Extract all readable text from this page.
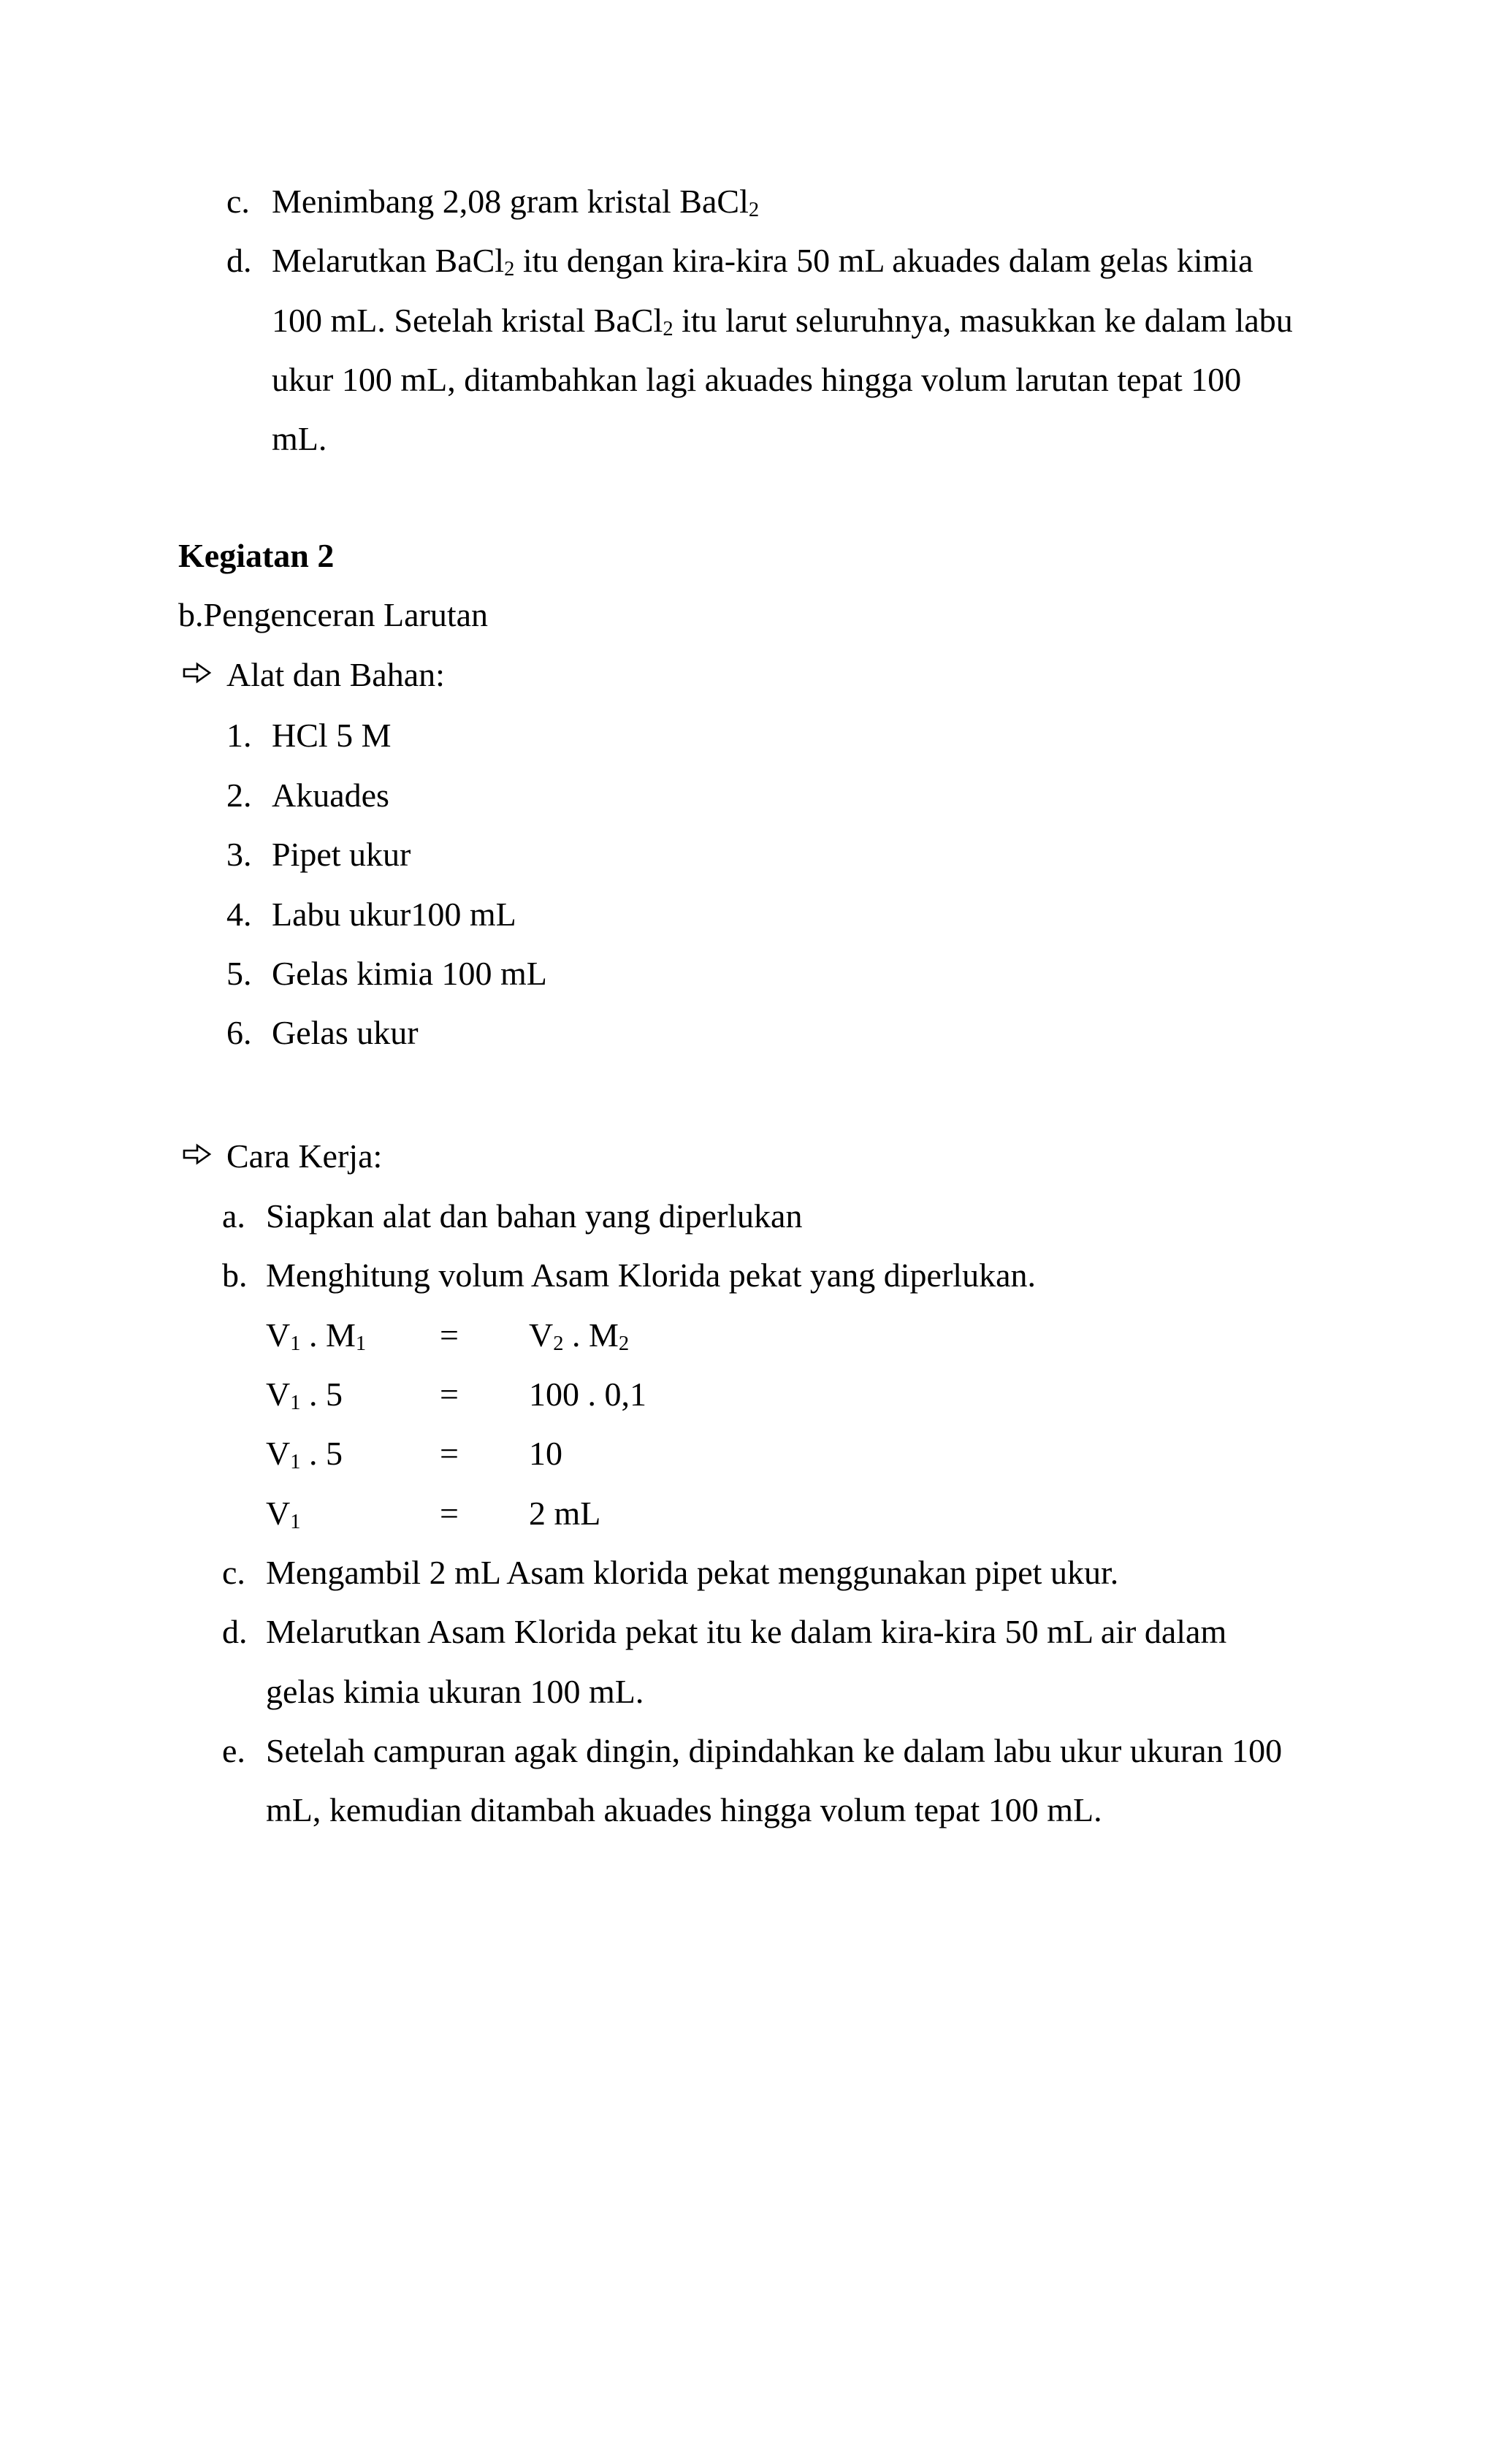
c. Menimbang 2,08 gram kristal BaCl$_2$
d. Melarutkan BaCl$_2$ itu dengan kira-kira 50 mL akuades dalam gelas kimia
100 mL. Setelah kristal BaCl$_2$ itu larut seluruhnya, masukkan ke dalam labu
ukur 100 mL, ditambahkan lagi akuades hingga volum larutan tepat 100
mL.
Kegiatan 2
b.Pengenceran Larutan
Alat dan Bahan:
1. HCl 5 M
2. Akuades
3. Pipet ukur
4. Labu ukur100 mL
5. Gelas kimia 100 mL
6. Gelas ukur
Cara Kerja:
a. Siapkan alat dan bahan yang diperlukan
b. Menghitung volum Asam Klorida pekat yang diperlukan.
$V_1$ . $M_1 = V_2$ . $M_2$
$V_1$ . 5	= 100 . 0,1
$V_1$ . 5	= 10
$V_1$	= 2 mL
c. Mengambil 2 mL Asam klorida pekat menggunakan pipet ukur.
d. Melarutkan Asam Klorida pekat itu ke dalam kira-kira 50 mL air dalam
gelas kimia ukuran 100 mL.
e. Setelah campuran agak dingin, dipindahkan ke dalam labu ukur ukuran 100
mL, kemudian ditambah akuades hingga volum tepat 100 mL.
